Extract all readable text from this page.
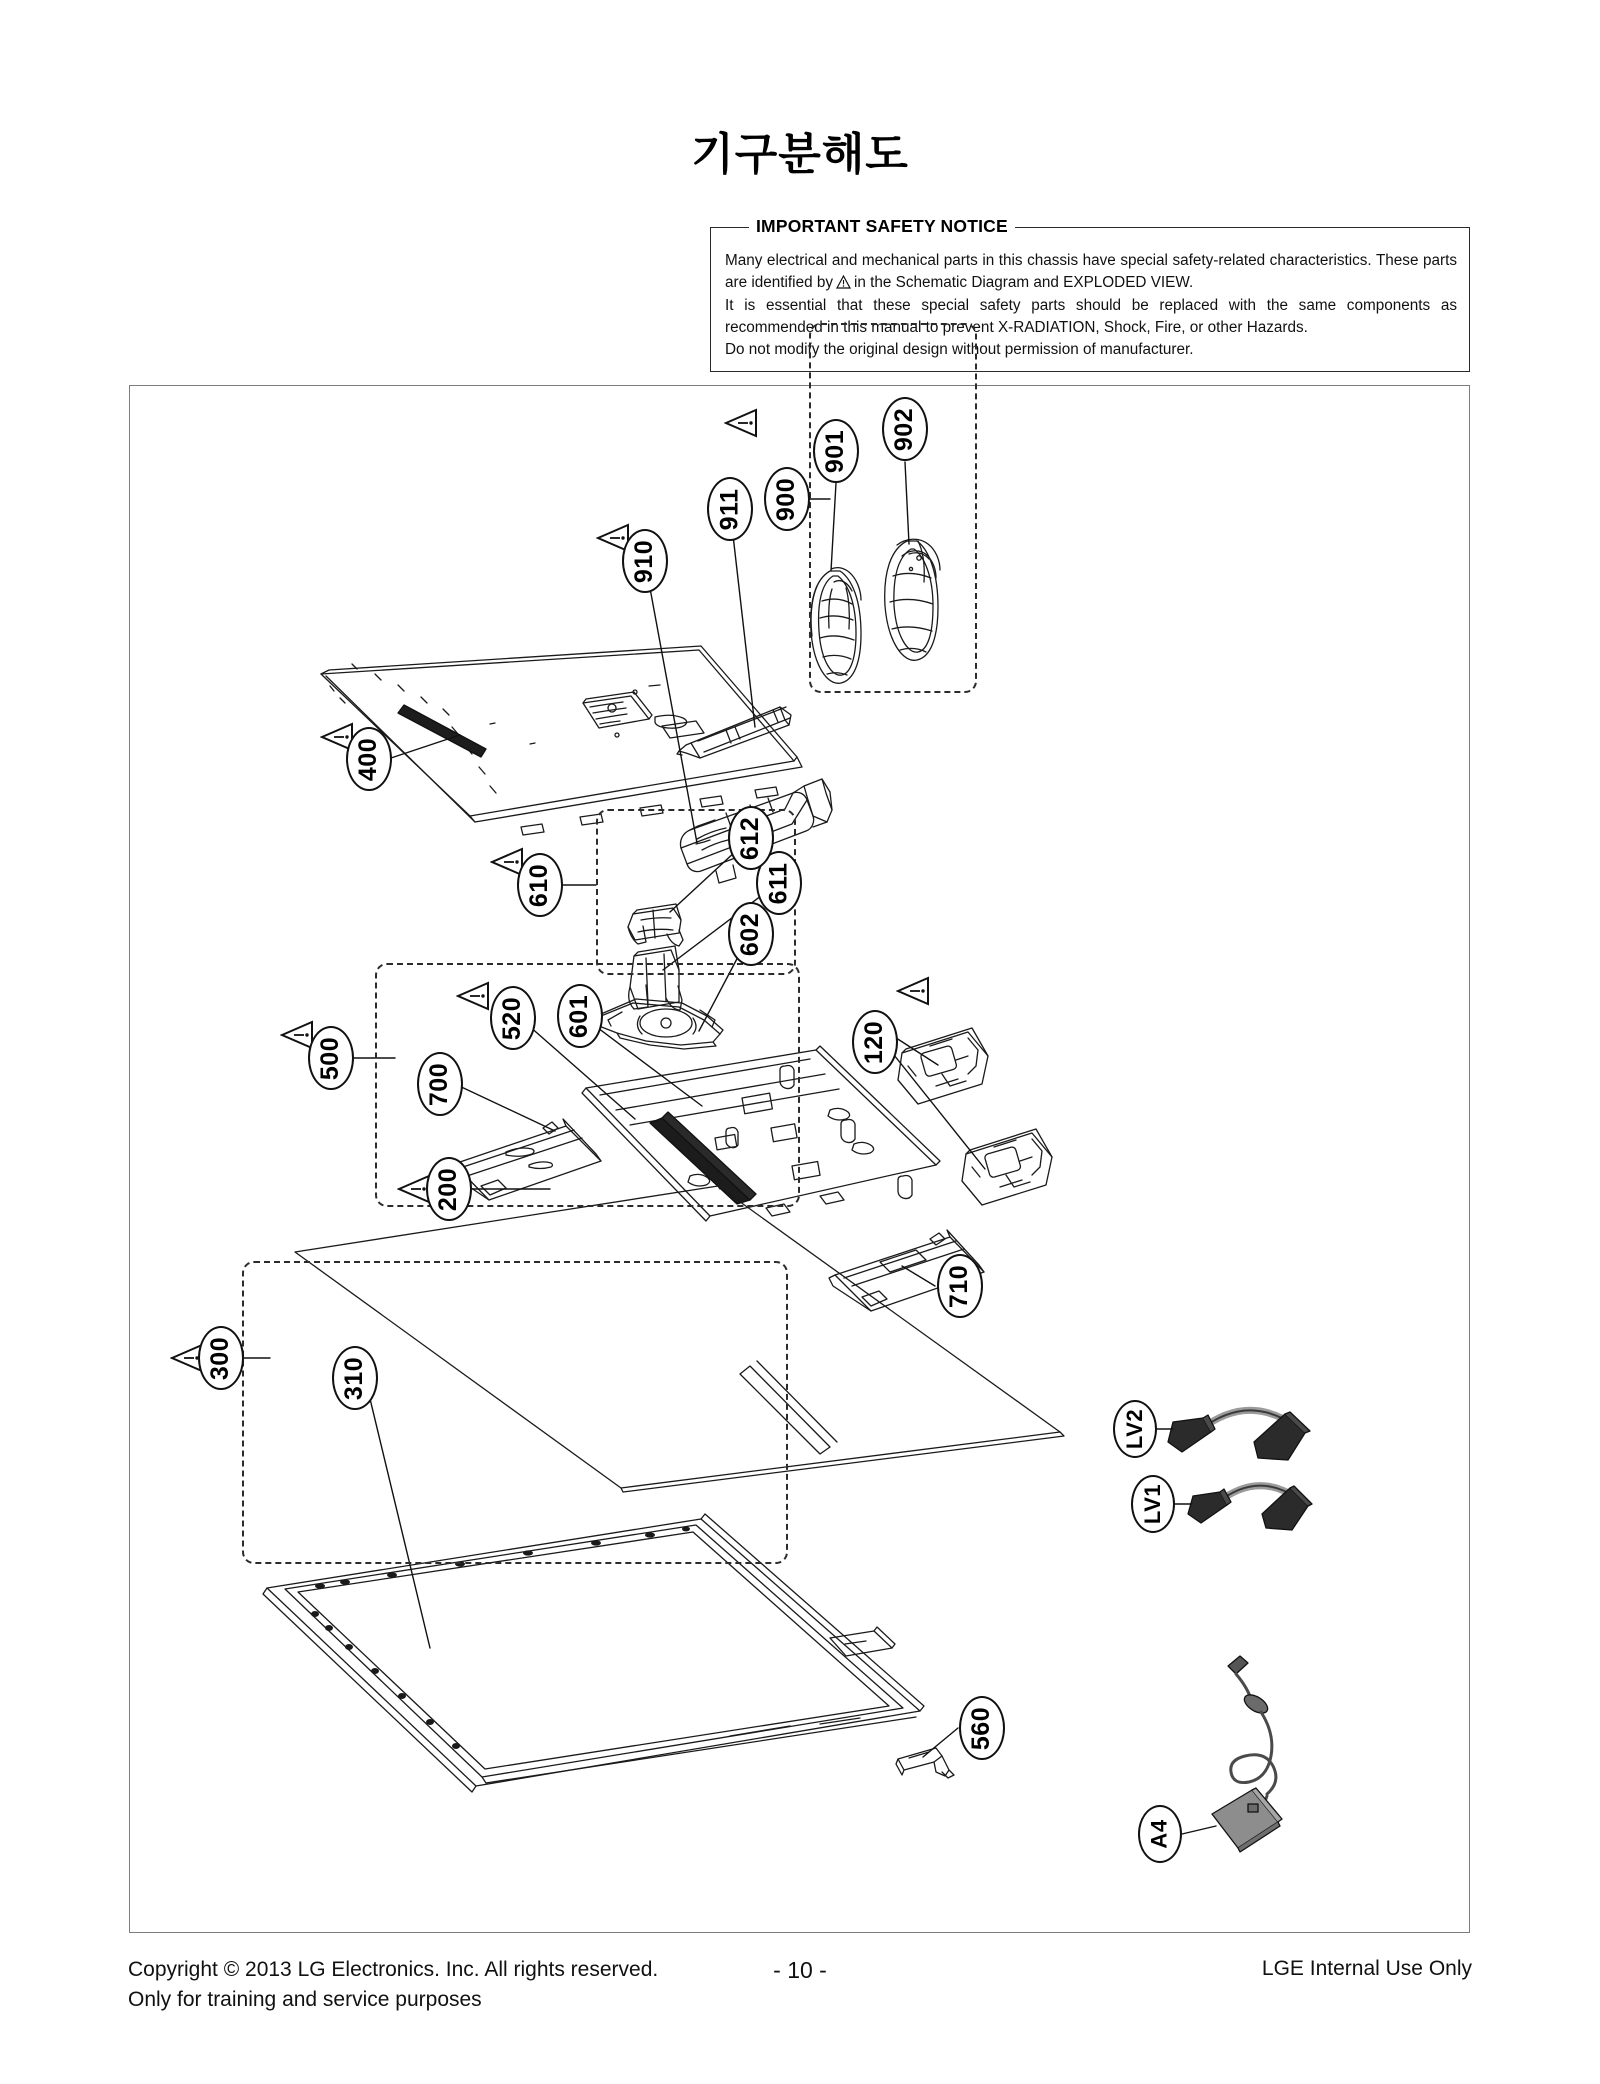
기구분해도
IMPORTANT SAFETY NOTICE

Many electrical and mechanical parts in this chassis have special safety-related characteristics. These parts are identified by in the Schematic Diagram and EXPLODED VIEW.

It is essential that these special safety parts should be replaced with the same components as recommended in this manual to prevent X-RADIATION, Shock, Fire, or other Hazards.

Do not modify the original design without permission of manufacturer.

900
901
902
910
911
400
610	611
612
602
500
520 601
700
120
710
200
300	310
560
LV2
LV1
A4
Copyright © 2013 LG Electronics. Inc. All rights reserved.
Only for training and service purposes
- 10 -	LGE Internal Use Only
